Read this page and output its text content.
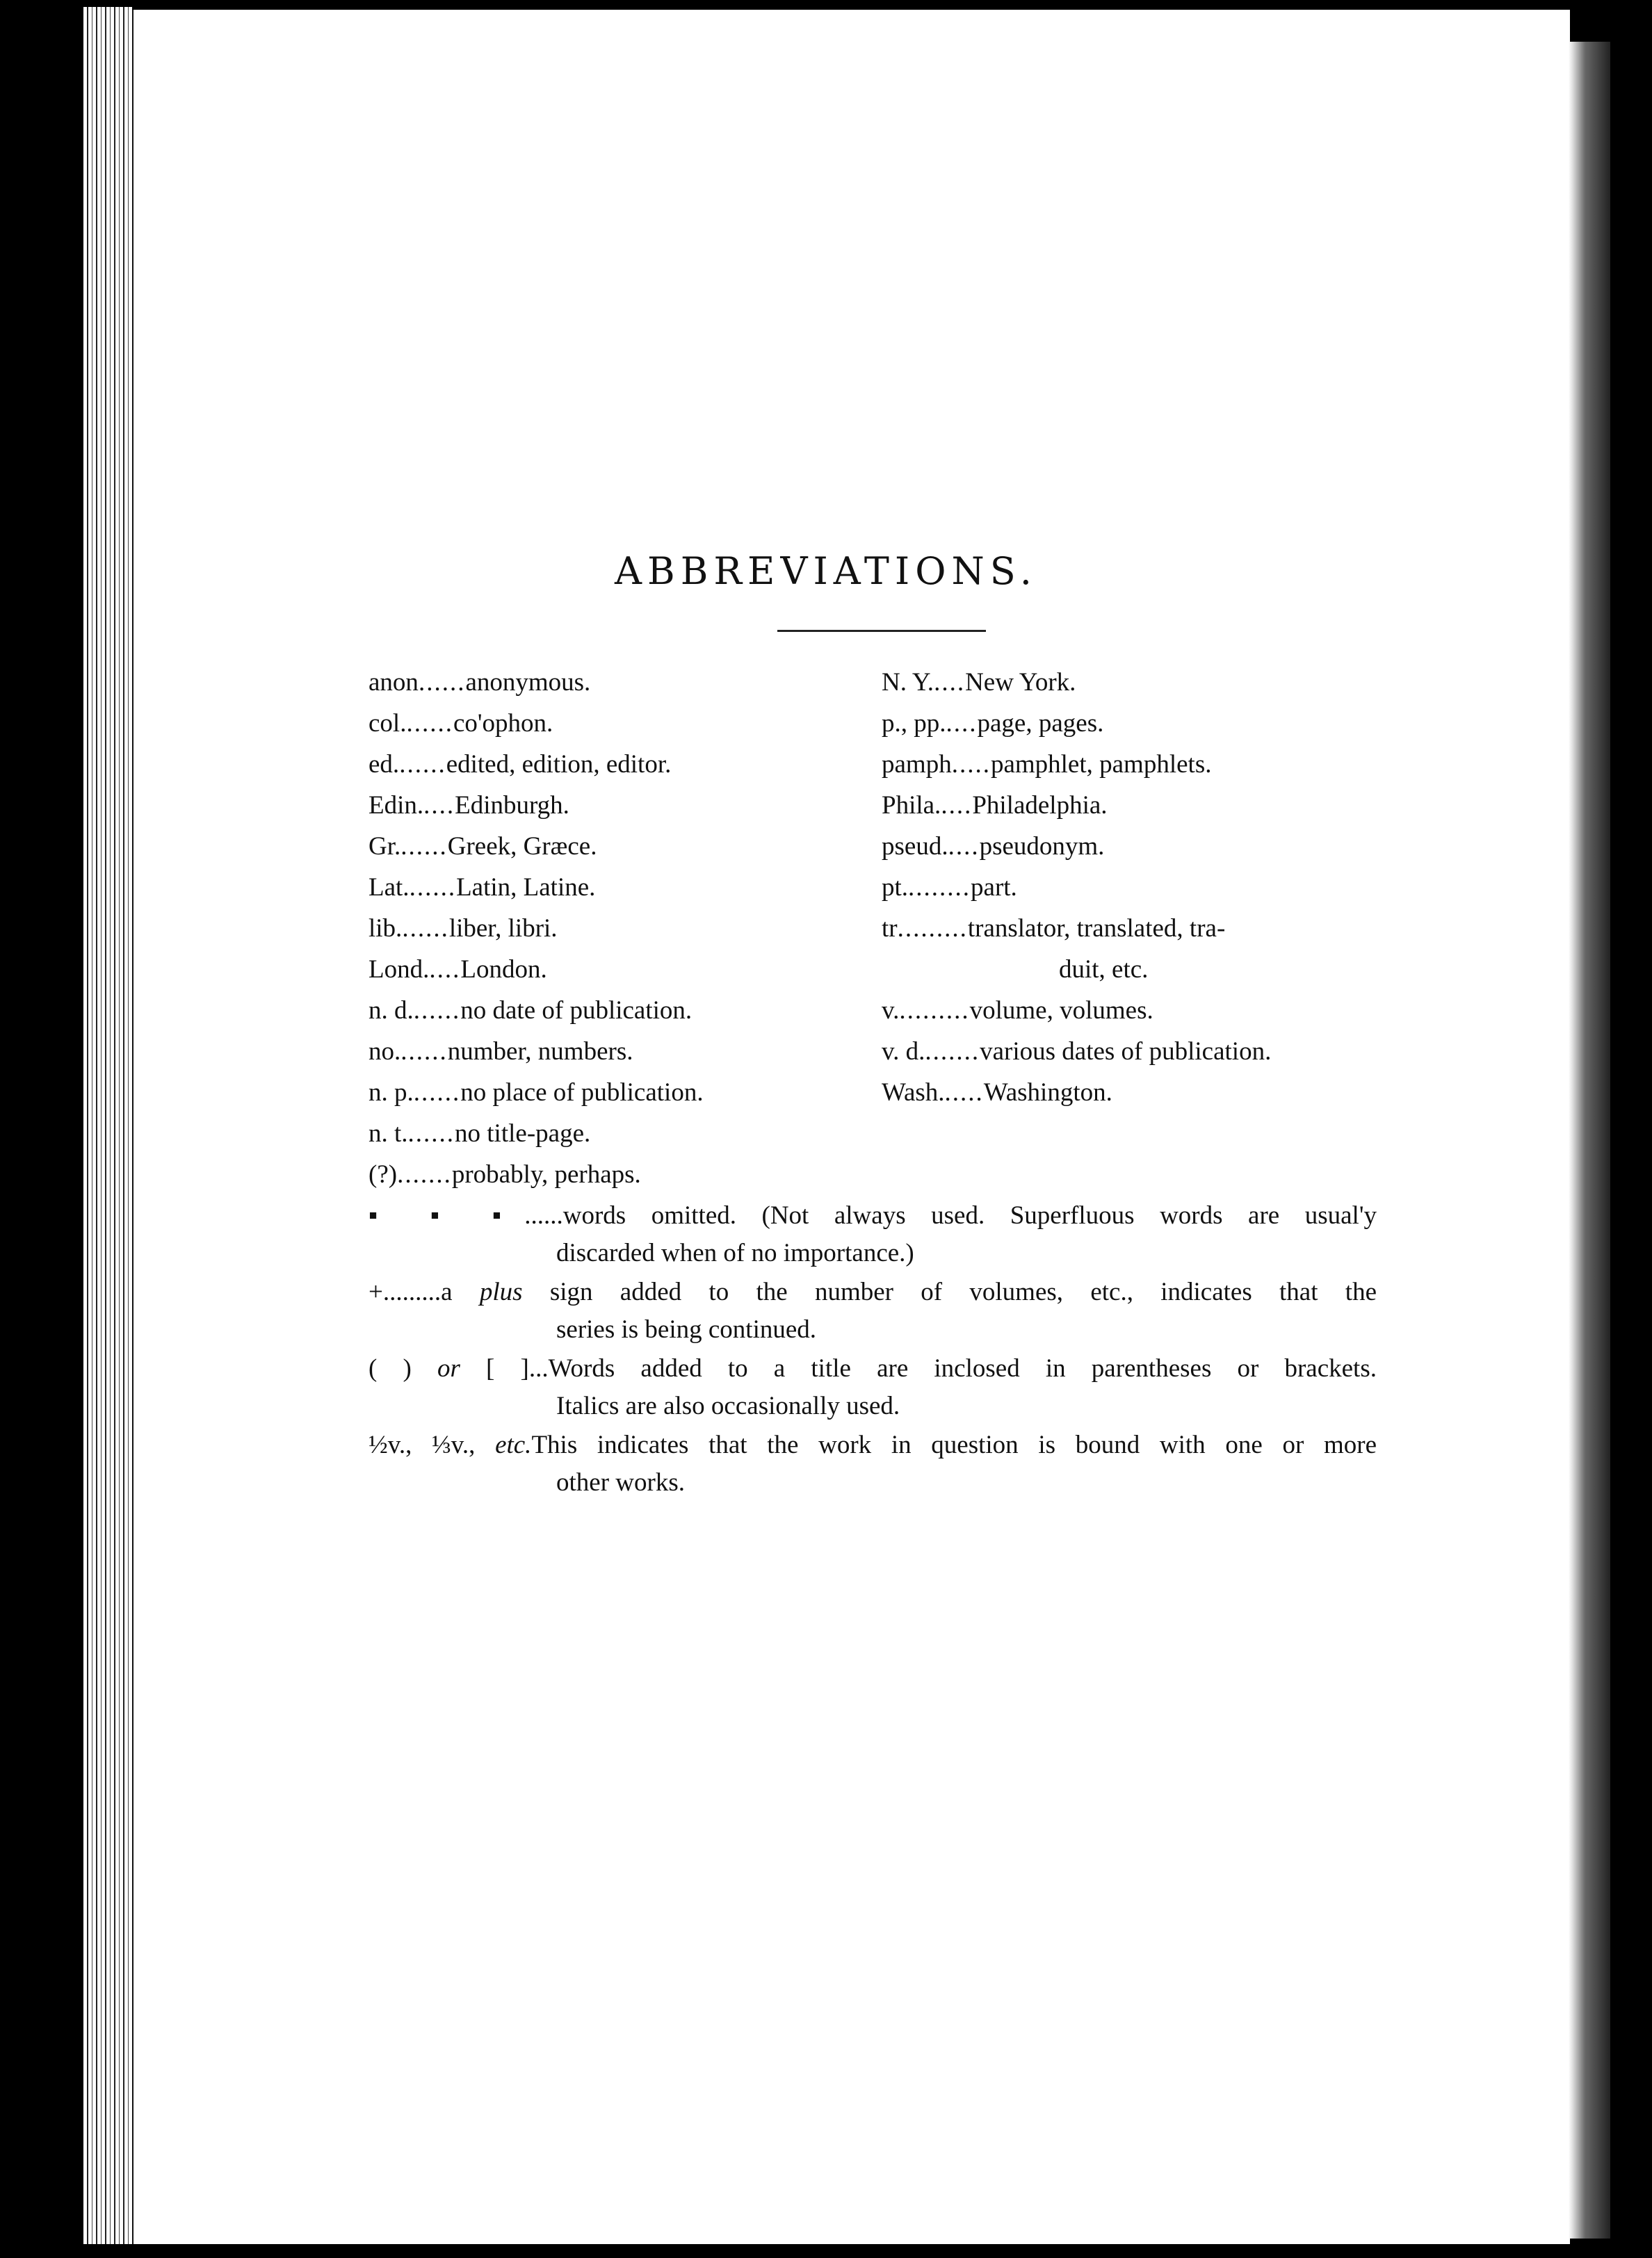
ABBREVIATIONS.
anon ...... anonymous.
col. ...... co'ophon.
ed. ...... edited, edition, editor.
Edin. .... Edinburgh.
Gr. ...... Greek, Græce.
Lat. ...... Latin, Latine.
lib. ...... liber, libri.
Lond. .... London.
n. d. ...... no date of publication.
no. ...... number, numbers.
n. p. ...... no place of publication.
n. t. ...... no title-page.
(?) ....... probably, perhaps.
N. Y. .... New York.
p., pp. .... page, pages.
pamph ..... pamphlet, pamphlets.
Phila. .... Philadelphia.
pseud. .... pseudonym.
pt. ........ part.
tr ......... translator, translated, tra-
duit, etc.
v. ......... volume, volumes.
v. d. ....... various dates of publication.
Wash. ..... Washington.
▪ ▪ ▪......words omitted. (Not always used. Superfluous words are usual'y
discarded when of no importance.)
+.........a plus sign added to the number of volumes, etc., indicates that the
series is being continued.
( ) or [ ]...Words added to a title are inclosed in parentheses or brackets.
Italics are also occasionally used.
½v., ⅓v., etc.This indicates that the work in question is bound with one or more
other works.
